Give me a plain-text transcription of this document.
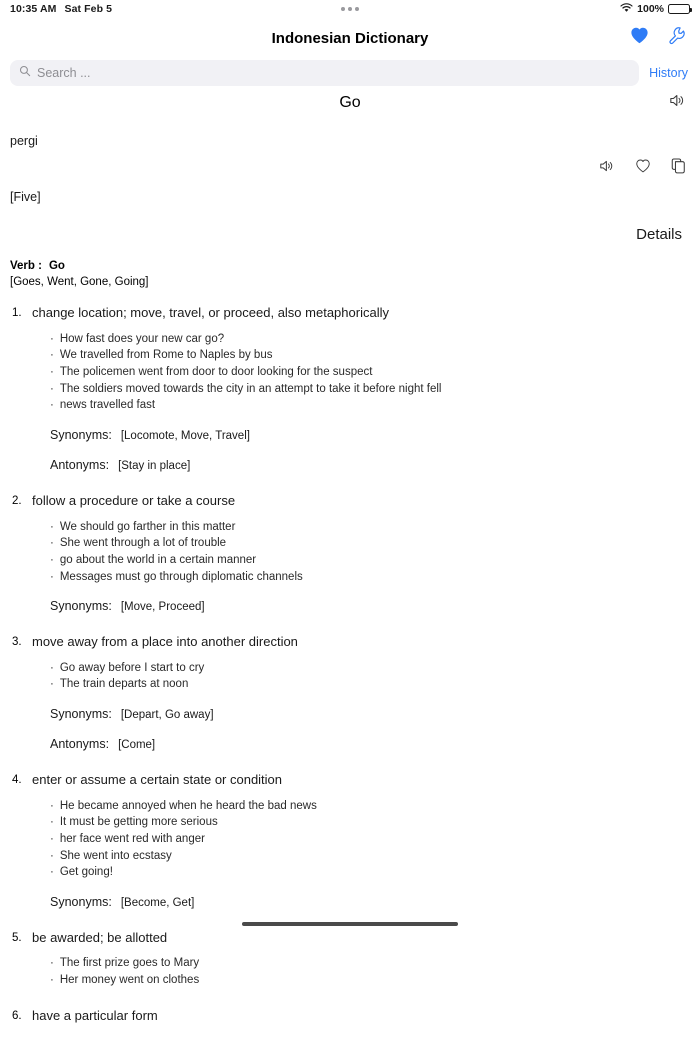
10:35 AM Sat Feb 5	100%
Indonesian Dictionary
Search ...	History
Go
pergi
[Five]
Details
Verb : Go
[Goes, Went, Gone, Going]
1. change location; move, travel, or proceed, also metaphorically
· How fast does your new car go?
· We travelled from Rome to Naples by bus
· The policemen went from door to door looking for the suspect
· The soldiers moved towards the city in an attempt to take it before night fell
· news travelled fast
Synonyms: [Locomote, Move, Travel]
Antonyms: [Stay in place]
2. follow a procedure or take a course
· We should go farther in this matter
· She went through a lot of trouble
· go about the world in a certain manner
· Messages must go through diplomatic channels
Synonyms: [Move, Proceed]
3. move away from a place into another direction
· Go away before I start to cry
· The train departs at noon
Synonyms: [Depart, Go away]
Antonyms: [Come]
4. enter or assume a certain state or condition
· He became annoyed when he heard the bad news
· It must be getting more serious
· her face went red with anger
· She went into ecstasy
· Get going!
Synonyms: [Become, Get]
5. be awarded; be allotted
· The first prize goes to Mary
· Her money went on clothes
6. have a particular form
